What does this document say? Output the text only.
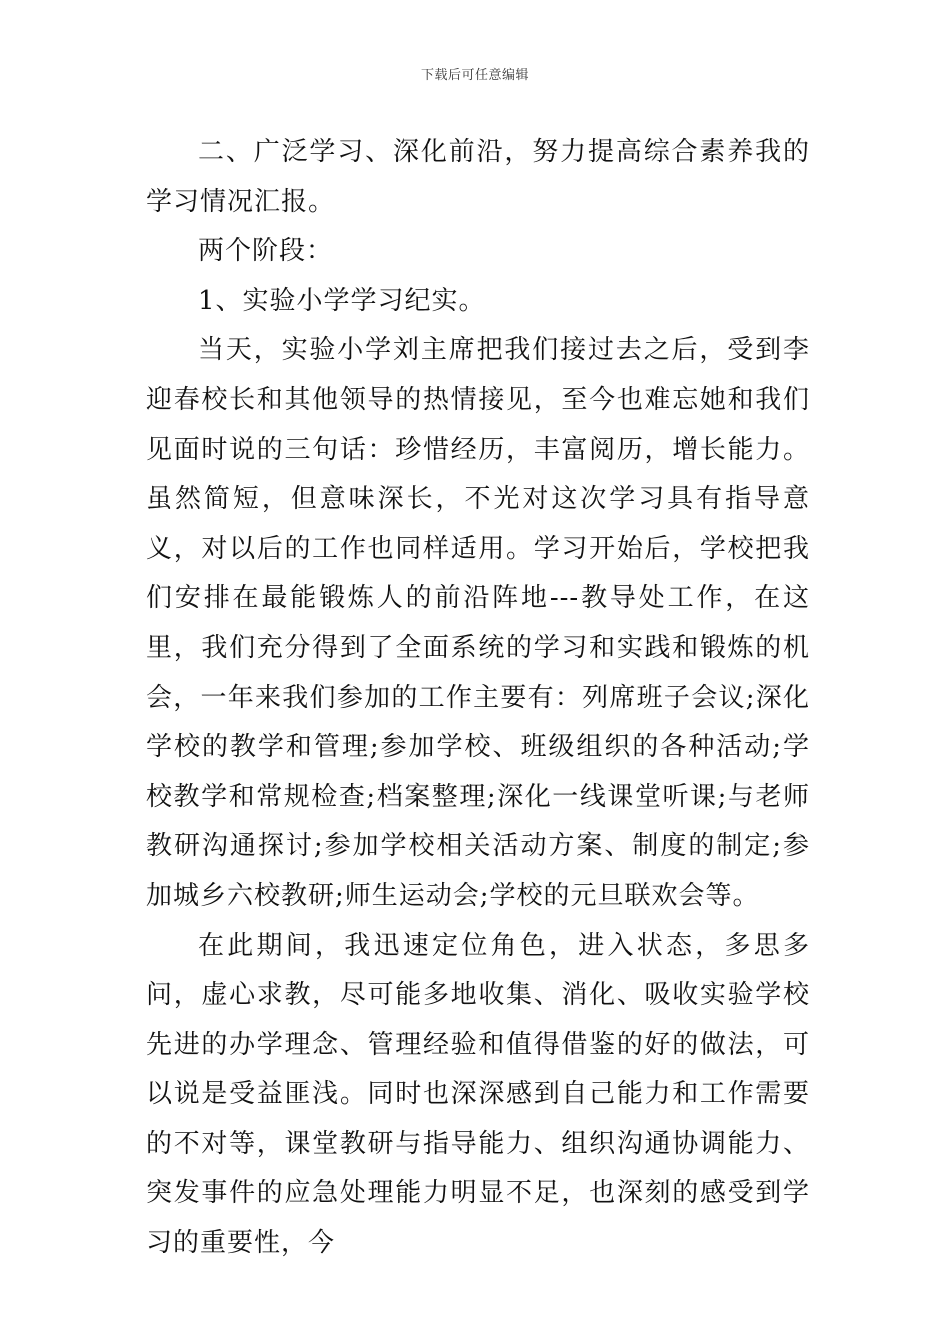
下载后可任意编辑

二、广泛学习、深化前沿，努力提高综合素养我的学习情况汇报。

两个阶段：

1、实验小学学习纪实。

当天，实验小学刘主席把我们接过去之后，受到李迎春校长和其他领导的热情接见，至今也难忘她和我们见面时说的三句话：珍惜经历，丰富阅历，增长能力。虽然简短，但意味深长，不光对这次学习具有指导意义，对以后的工作也同样适用。学习开始后，学校把我们安排在最能锻炼人的前沿阵地---教导处工作，在这里，我们充分得到了全面系统的学习和实践和锻炼的机会，一年来我们参加的工作主要有：列席班子会议;深化学校的教学和管理;参加学校、班级组织的各种活动;学校教学和常规检查;档案整理;深化一线课堂听课;与老师教研沟通探讨;参加学校相关活动方案、制度的制定;参加城乡六校教研;师生运动会;学校的元旦联欢会等。

在此期间，我迅速定位角色，进入状态，多思多问，虚心求教，尽可能多地收集、消化、吸收实验学校先进的办学理念、管理经验和值得借鉴的好的做法，可以说是受益匪浅。同时也深深感到自己能力和工作需要的不对等，课堂教研与指导能力、组织沟通协调能力、突发事件的应急处理能力明显不足，也深刻的感受到学习的重要性，今
